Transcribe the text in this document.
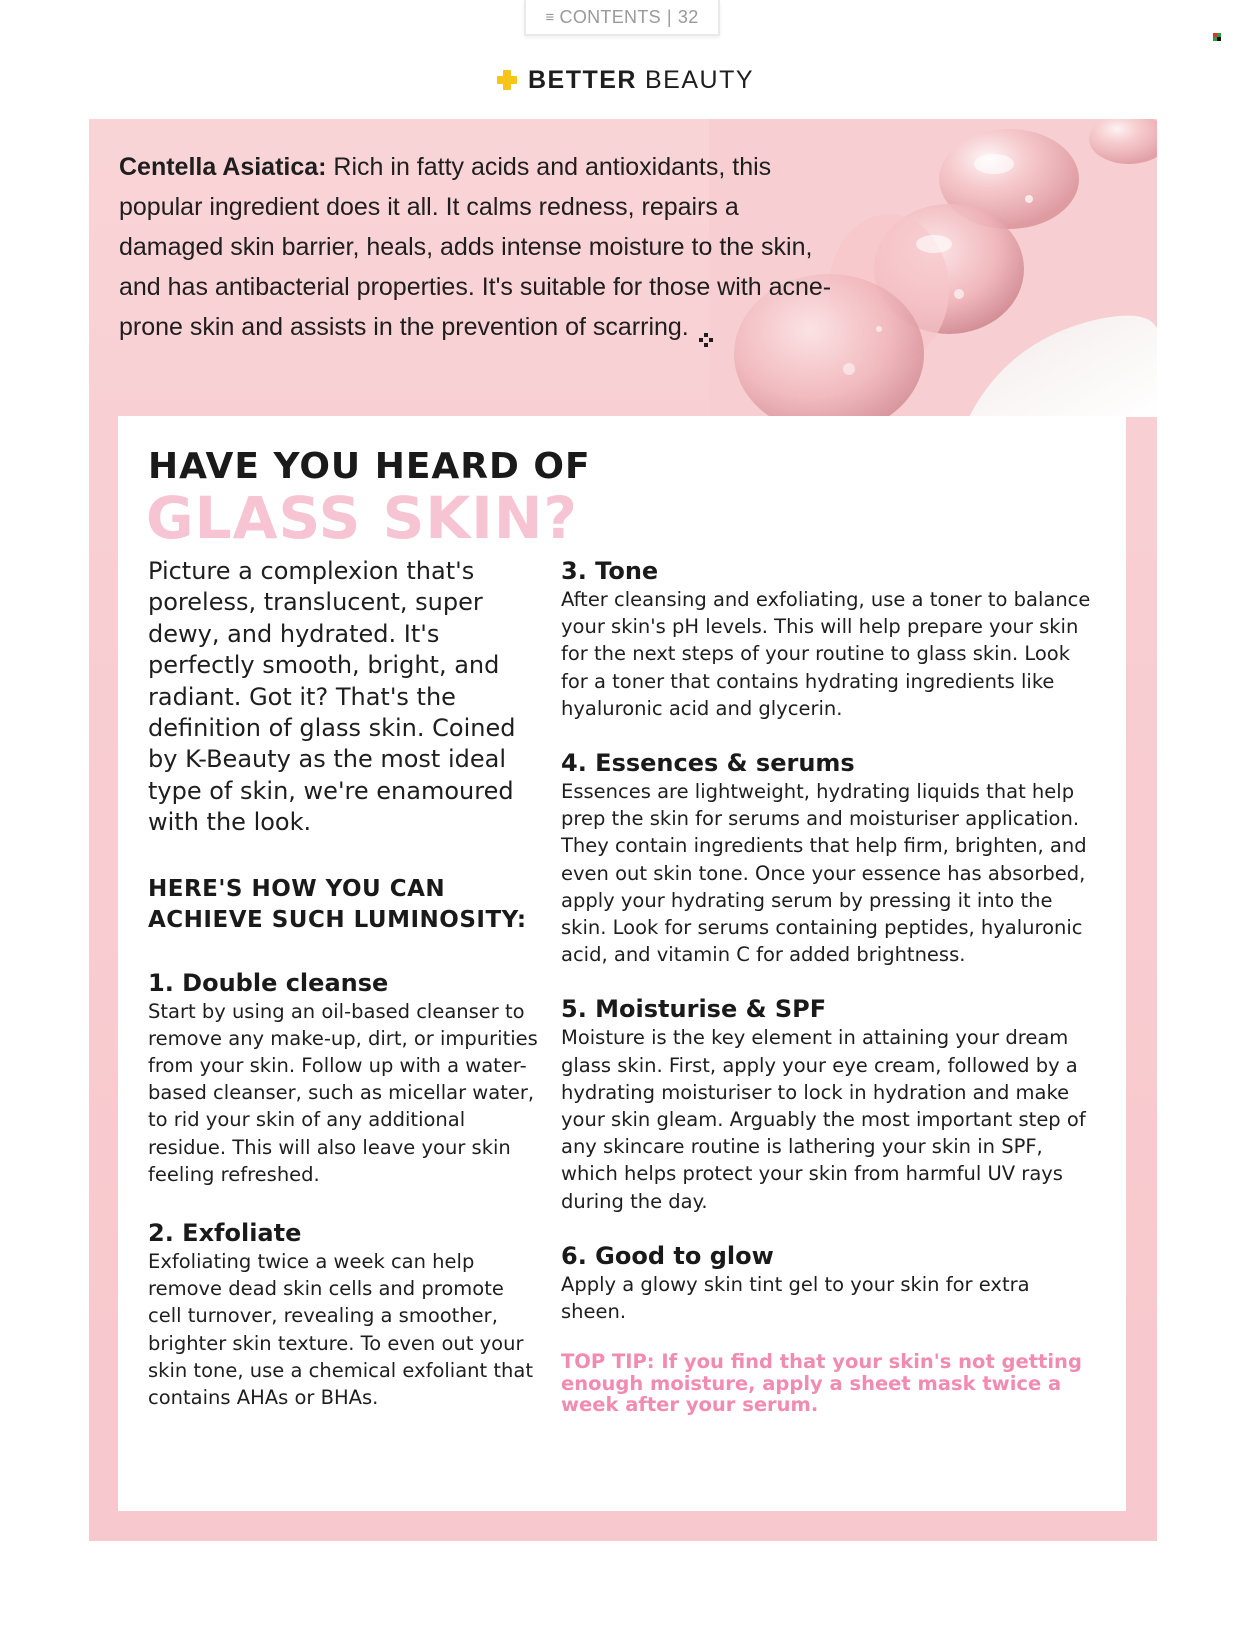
≡ CONTENTS | 32
BETTER BEAUTY
Centella Asiatica: Rich in fatty acids and antioxidants, this popular ingredient does it all. It calms redness, repairs a damaged skin barrier, heals, adds intense moisture to the skin, and has antibacterial properties. It's suitable for those with acne-prone skin and assists in the prevention of scarring.
HAVE YOU HEARD OF
GLASS SKIN?

Picture a complexion that's poreless, translucent, super dewy, and hydrated. It's perfectly smooth, bright, and radiant. Got it? That's the definition of glass skin. Coined by K-Beauty as the most ideal type of skin, we're enamoured with the look.

HERE'S HOW YOU CAN ACHIEVE SUCH LUMINOSITY:

1. Double cleanse

Start by using an oil-based cleanser to remove any make-up, dirt, or impurities from your skin. Follow up with a water-based cleanser, such as micellar water, to rid your skin of any additional residue. This will also leave your skin feeling refreshed.

2. Exfoliate

Exfoliating twice a week can help remove dead skin cells and promote cell turnover, revealing a smoother, brighter skin texture. To even out your skin tone, use a chemical exfoliant that contains AHAs or BHAs.

3. Tone

After cleansing and exfoliating, use a toner to balance your skin's pH levels. This will help prepare your skin for the next steps of your routine to glass skin. Look for a toner that contains hydrating ingredients like hyaluronic acid and glycerin.

4. Essences & serums

Essences are lightweight, hydrating liquids that help prep the skin for serums and moisturiser application. They contain ingredients that help firm, brighten, and even out skin tone. Once your essence has absorbed, apply your hydrating serum by pressing it into the skin. Look for serums containing peptides, hyaluronic acid, and vitamin C for added brightness.

5. Moisturise & SPF

Moisture is the key element in attaining your dream glass skin. First, apply your eye cream, followed by a hydrating moisturiser to lock in hydration and make your skin gleam. Arguably the most important step of any skincare routine is lathering your skin in SPF, which helps protect your skin from harmful UV rays during the day.

6. Good to glow

Apply a glowy skin tint gel to your skin for extra sheen.

TOP TIP: If you find that your skin's not getting enough moisture, apply a sheet mask twice a week after your serum.
